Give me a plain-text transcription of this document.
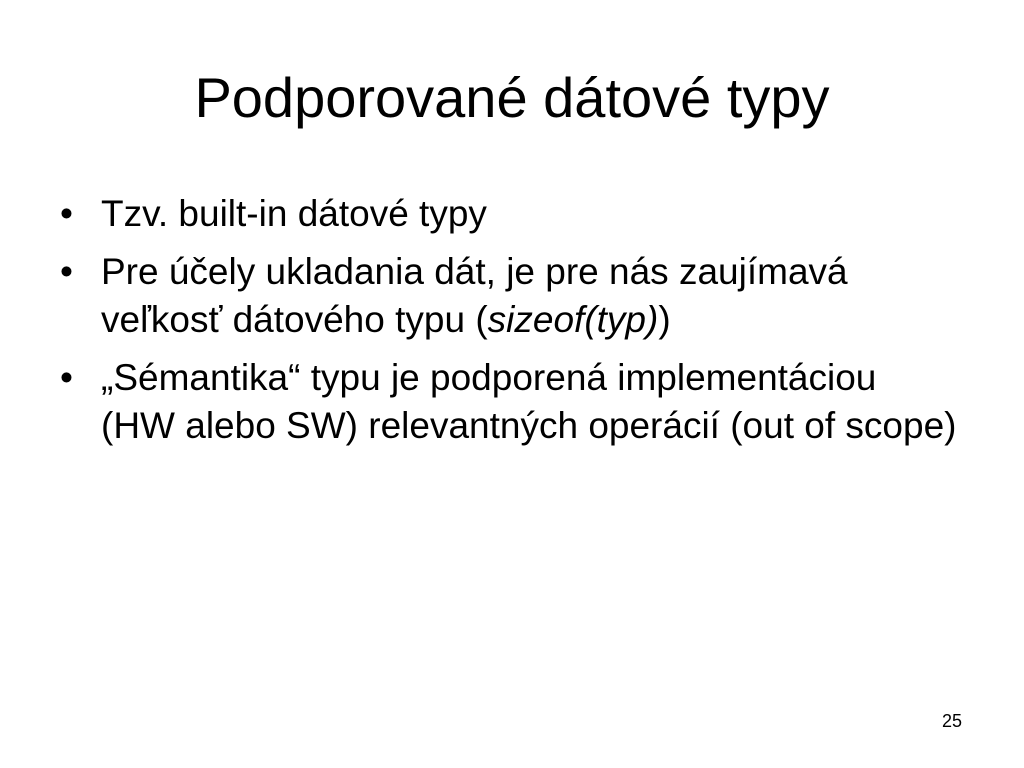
Podporované dátové typy
• Tzv. built-in dátové typy
• Pre účely ukladania dát, je pre nás zaujímavá veľkosť dátového typu (sizeof(typ))
• „Sémantika“ typu je podporená implementáciou (HW alebo SW) relevantných operácií (out of scope)
25
